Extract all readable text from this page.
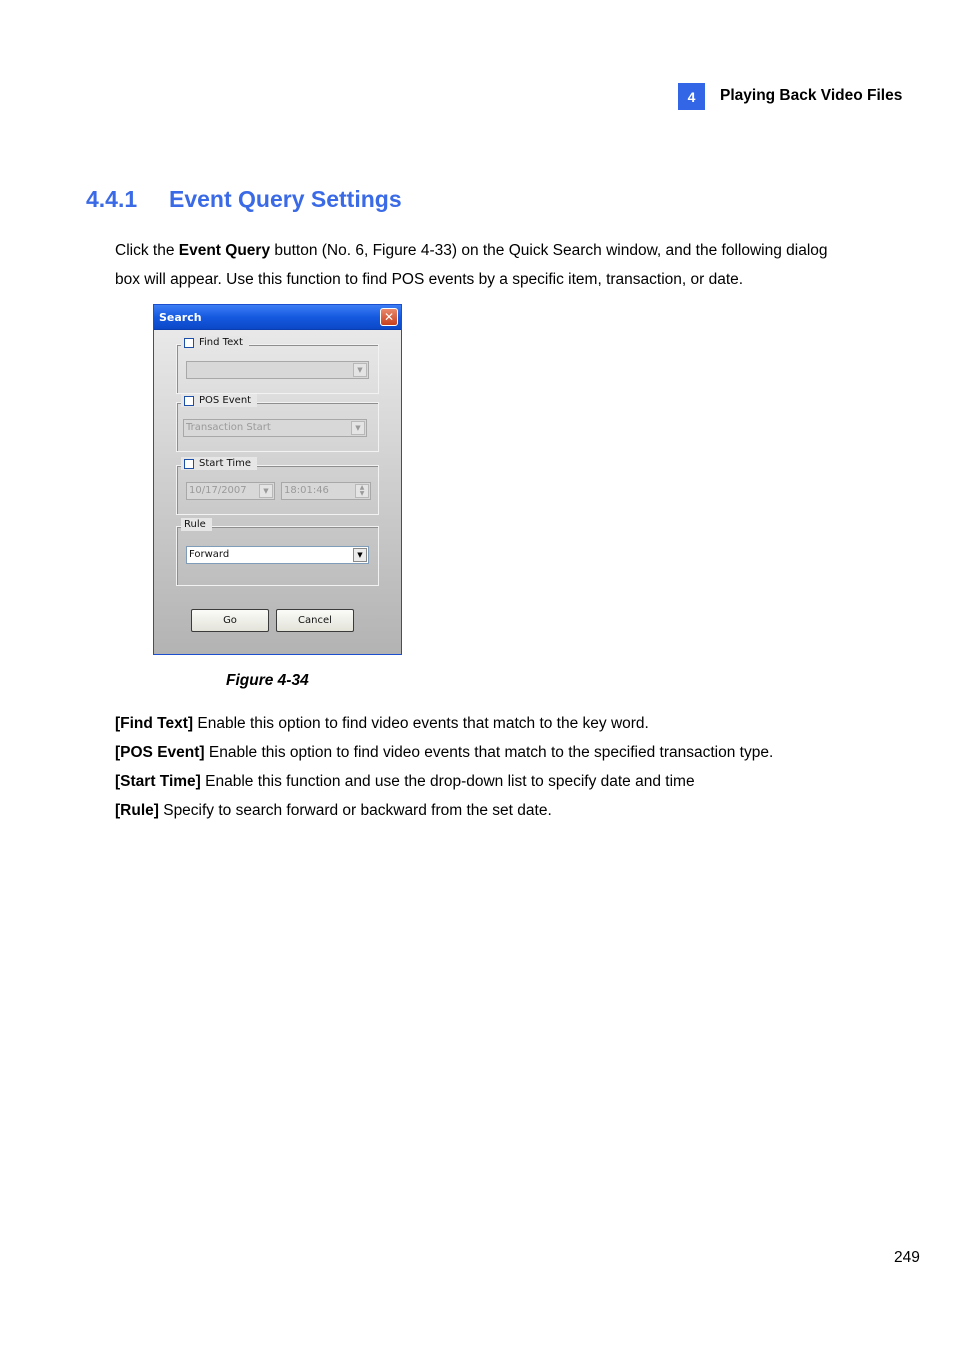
4	Playing Back Video Files
4.4.1 Event Query Settings

Click the Event Query button (No. 6, Figure 4-33) on the Quick Search window, and the following dialog box will appear. Use this function to find POS events by a specific item, transaction, or date.

Search	✕
Find Text
▼
POS Event
Transaction Start	▼
Start Time
10/17/2007	▼	18:01:46	▲
▼
Rule
Forward	▼
Go	Cancel
Figure 4-34
[Find Text] Enable this option to find video events that match to the key word.
[POS Event] Enable this option to find video events that match to the specified transaction type.
[Start Time] Enable this function and use the drop-down list to specify date and time
[Rule] Specify to search forward or backward from the set date.
249
